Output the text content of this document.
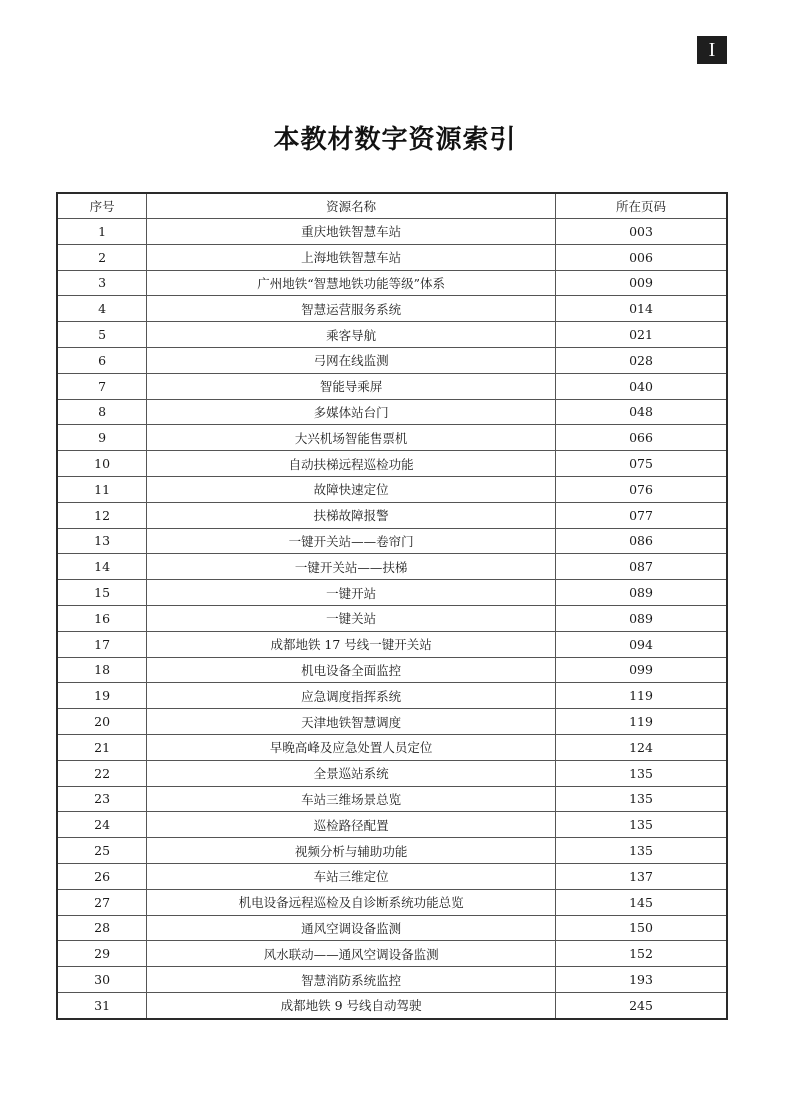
I
本教材数字资源索引
序号	资源名称	所在页码
1	重庆地铁智慧车站	003
2	上海地铁智慧车站	006
3	广州地铁“智慧地铁功能等级”体系	009
4	智慧运营服务系统	014
5	乘客导航	021
6	弓网在线监测	028
7	智能导乘屏	040
8	多媒体站台门	048
9	大兴机场智能售票机	066
10	自动扶梯远程巡检功能	075
11	故障快速定位	076
12	扶梯故障报警	077
13	一键开关站——卷帘门	086
14	一键开关站——扶梯	087
15	一键开站	089
16	一键关站	089
17	成都地铁 17 号线一键开关站	094
18	机电设备全面监控	099
19	应急调度指挥系统	119
20	天津地铁智慧调度	119
21	早晚高峰及应急处置人员定位	124
22	全景巡站系统	135
23	车站三维场景总览	135
24	巡检路径配置	135
25	视频分析与辅助功能	135
26	车站三维定位	137
27	机电设备远程巡检及自诊断系统功能总览	145
28	通风空调设备监测	150
29	风水联动——通风空调设备监测	152
30	智慧消防系统监控	193
31	成都地铁 9 号线自动驾驶	245
